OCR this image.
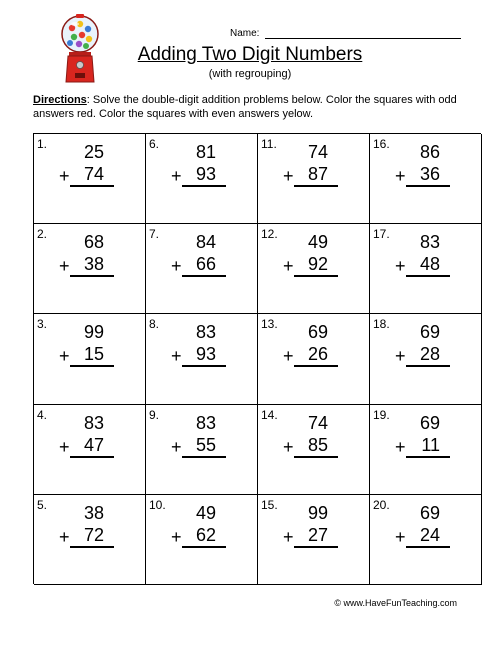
Name:
Adding Two Digit Numbers
(with regrouping)
Directions: Solve the double-digit addition problems below. Color the squares with odd answers red. Color the squares with even answers yelow.
1.	25
+ 74
6.	81
+ 93
11.	74
+ 87
16.	86
+ 36
2.	68
+ 38
7.	84
+ 66
12.	49
+ 92
17.	83
+ 48
3.	99
+ 15
8.	83
+ 93
13.	69
+ 26
18.	69
+ 28
4.	83
+ 47
9.	83
+ 55
14.	74
+ 85
19.	69
+ 11
5.	38
+ 72
10.	49
+ 62
15.	99
+ 27
20.	69
+ 24
© www.HaveFunTeaching.com
